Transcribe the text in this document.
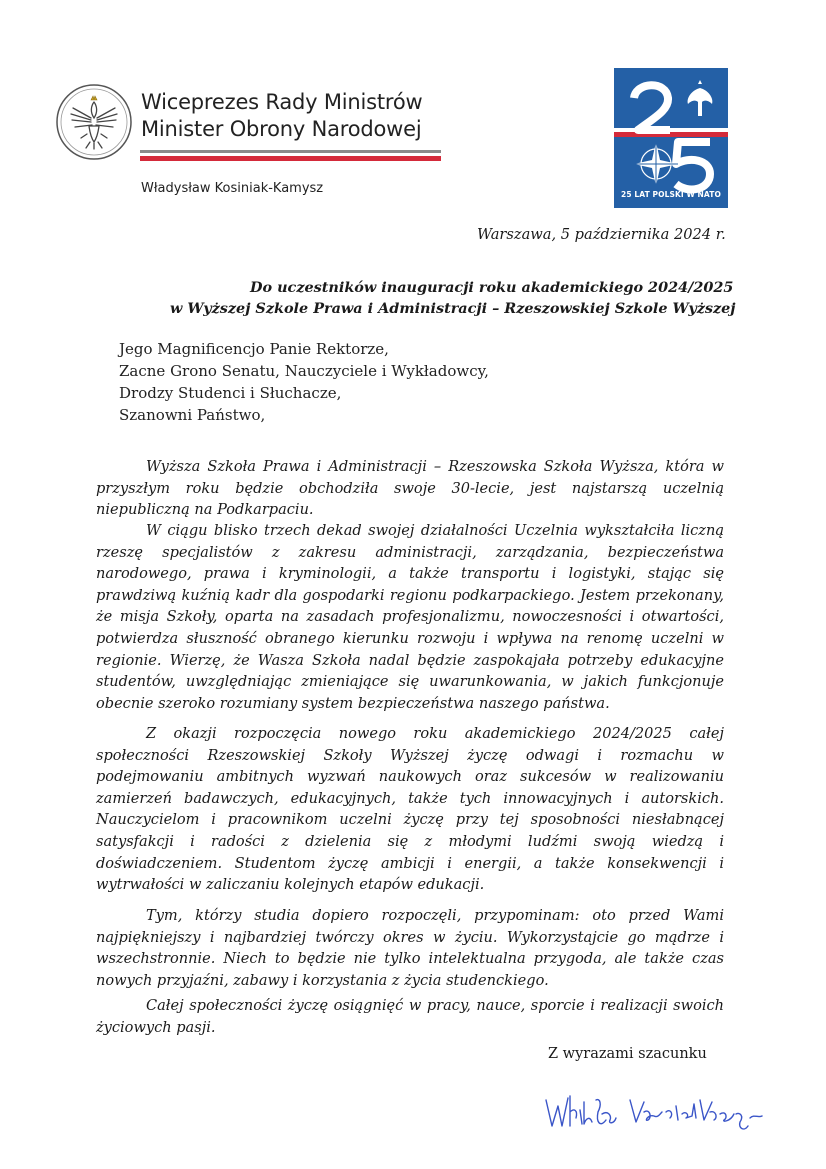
Wiceprezes Rady Ministrów
Minister Obrony Narodowej
Władysław Kosiniak-Kamysz	25 LAT POLSKI W NATO
Warszawa, 5 października 2024 r.
Do uczestników inauguracji roku akademickiego 2024/2025
w Wyższej Szkole Prawa i Administracji – Rzeszowskiej Szkole Wyższej
Jego Magnificencjo Panie Rektorze,
Zacne Grono Senatu, Nauczyciele i Wykładowcy,
Drodzy Studenci i Słuchacze,
Szanowni Państwo,

Wyższa Szkoła Prawa i Administracji – Rzeszowska Szkoła Wyższa, która w przyszłym roku będzie obchodziła swoje 30-lecie, jest najstarszą uczelnią niepubliczną na Podkarpaciu.

W ciągu blisko trzech dekad swojej działalności Uczelnia wykształciła liczną rzeszę specjalistów z zakresu administracji, zarządzania, bezpieczeństwa narodowego, prawa i kryminologii, a także transportu i logistyki, stając się prawdziwą kuźnią kadr dla gospodarki regionu podkarpackiego. Jestem przekonany, że misja Szkoły, oparta na zasadach profesjonalizmu, nowoczesności i otwartości, potwierdza słuszność obranego kierunku rozwoju i wpływa na renomę uczelni w regionie. Wierzę, że Wasza Szkoła nadal będzie zaspokajała potrzeby edukacyjne studentów, uwzględniając zmieniające się uwarunkowania, w jakich funkcjonuje obecnie szeroko rozumiany system bezpieczeństwa naszego państwa.

Z okazji rozpoczęcia nowego roku akademickiego 2024/2025 całej społeczności Rzeszowskiej Szkoły Wyższej życzę odwagi i rozmachu w podejmowaniu ambitnych wyzwań naukowych oraz sukcesów w realizowaniu zamierzeń badawczych, edukacyjnych, także tych innowacyjnych i autorskich. Nauczycielom i pracownikom uczelni życzę przy tej sposobności niesłabnącej satysfakcji i radości z dzielenia się z młodymi ludźmi swoją wiedzą i doświadczeniem. Studentom życzę ambicji i energii, a także konsekwencji i wytrwałości w zaliczaniu kolejnych etapów edukacji.

Tym, którzy studia dopiero rozpoczęli, przypominam: oto przed Wami najpiękniejszy i najbardziej twórczy okres w życiu. Wykorzystajcie go mądrze i wszechstronnie. Niech to będzie nie tylko intelektualna przygoda, ale także czas nowych przyjaźni, zabawy i korzystania z życia studenckiego.

Całej społeczności życzę osiągnięć w pracy, nauce, sporcie i realizacji swoich życiowych pasji.

Z wyrazami szacunku
